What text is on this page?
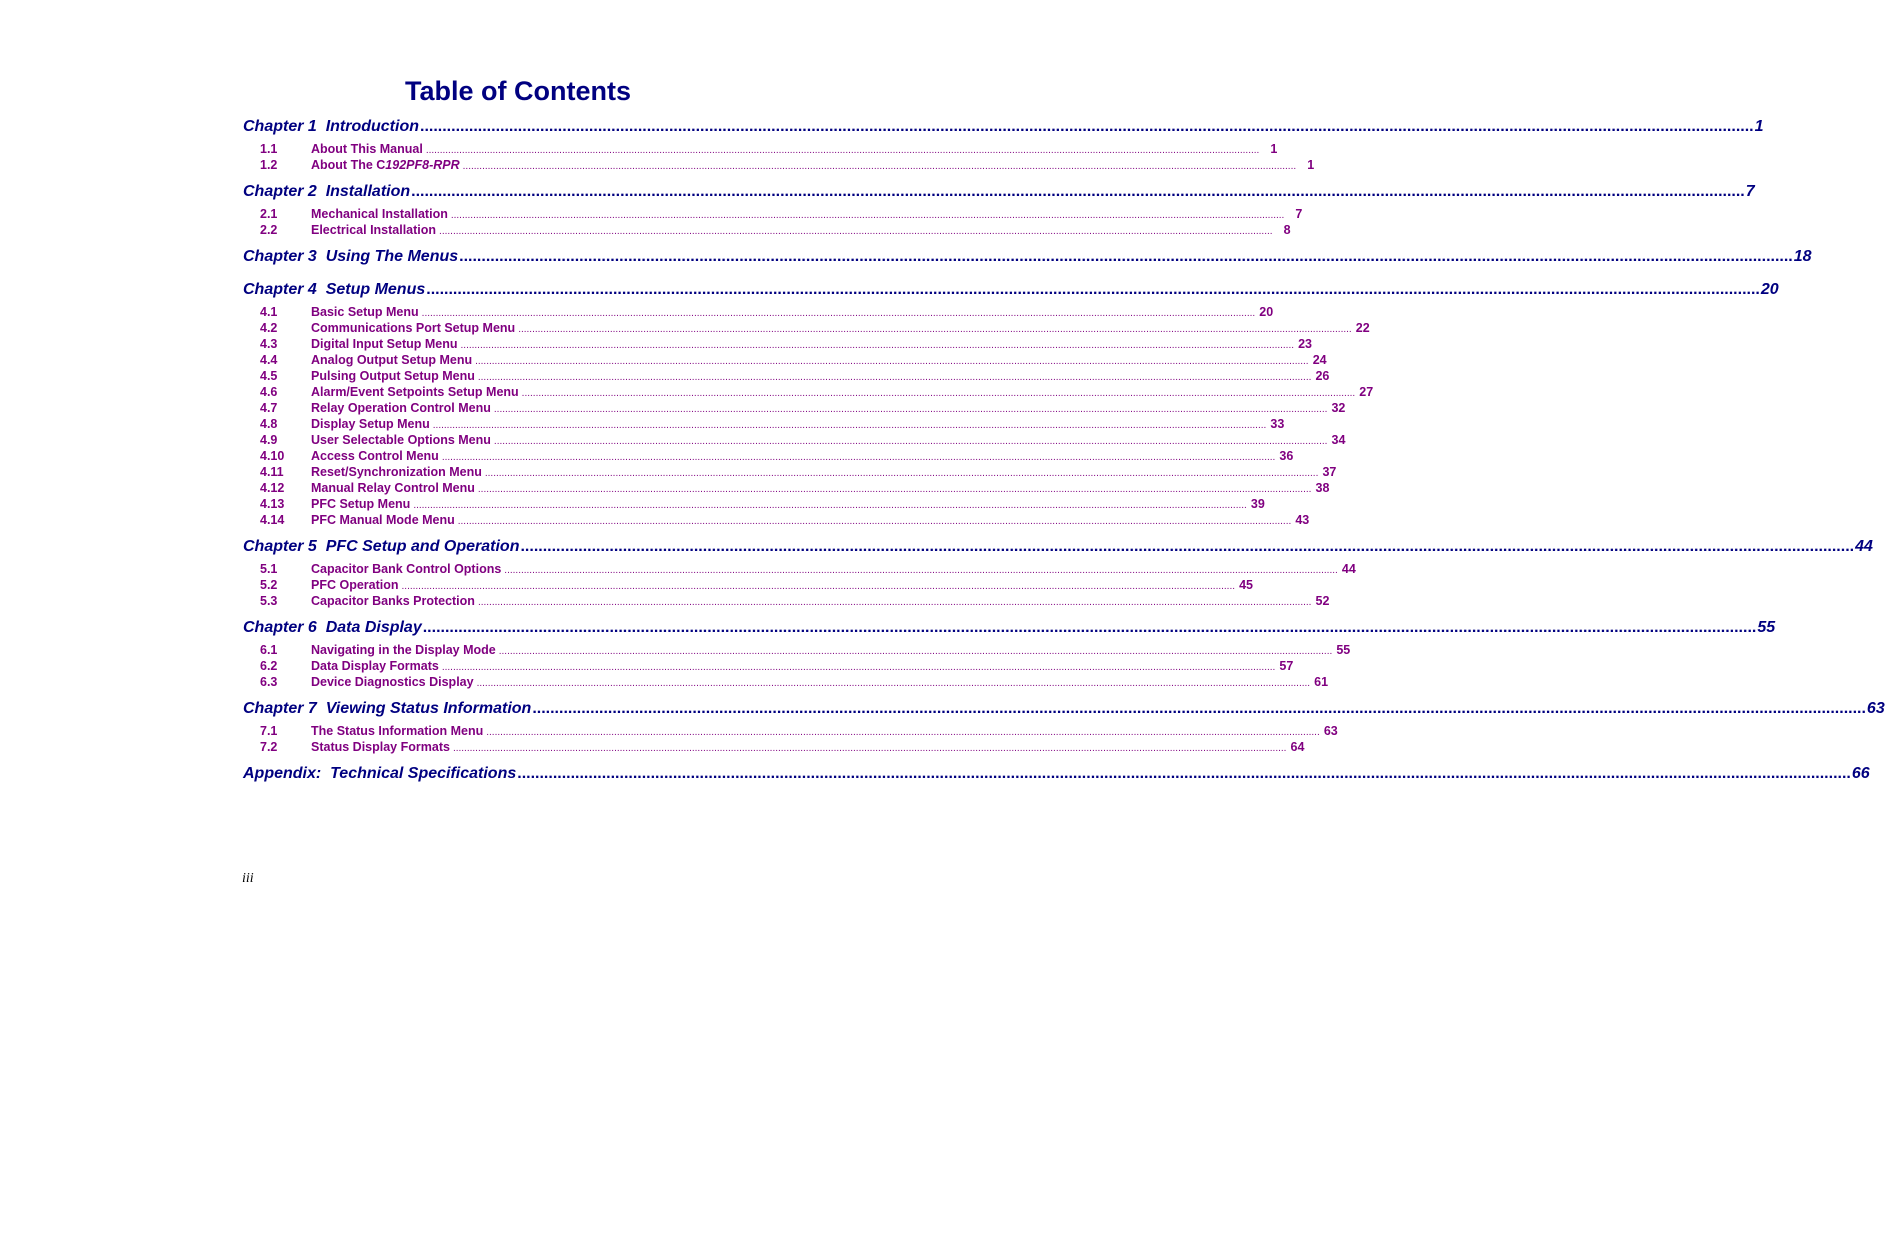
Table of Contents
Chapter 1  Introduction ............................................................................................................................................................................................................................................................................................................ 1
1.1	About This Manual ............................................................................................................................................................................................................................................................................................................ 1
1.2	About The C192PF8-RPR ............................................................................................................................................................................................................................................................................................................ 1
Chapter 2  Installation ............................................................................................................................................................................................................................................................................................................ 7
2.1	Mechanical Installation ............................................................................................................................................................................................................................................................................................................ 7
2.2	Electrical Installation ............................................................................................................................................................................................................................................................................................................ 8
Chapter 3  Using The Menus ............................................................................................................................................................................................................................................................................................................ 18
Chapter 4  Setup Menus ............................................................................................................................................................................................................................................................................................................ 20
4.1	Basic Setup Menu ............................................................................................................................................................................................................................................................................................................ 20
4.2	Communications Port Setup Menu ............................................................................................................................................................................................................................................................................................................ 22
4.3	Digital Input Setup Menu ............................................................................................................................................................................................................................................................................................................ 23
4.4	Analog Output Setup Menu ............................................................................................................................................................................................................................................................................................................ 24
4.5	Pulsing Output Setup Menu ............................................................................................................................................................................................................................................................................................................ 26
4.6	Alarm/Event Setpoints Setup Menu ............................................................................................................................................................................................................................................................................................................ 27
4.7	Relay Operation Control Menu ............................................................................................................................................................................................................................................................................................................ 32
4.8	Display Setup Menu ............................................................................................................................................................................................................................................................................................................ 33
4.9	User Selectable Options Menu ............................................................................................................................................................................................................................................................................................................ 34
4.10	Access Control Menu ............................................................................................................................................................................................................................................................................................................ 36
4.11	Reset/Synchronization Menu ............................................................................................................................................................................................................................................................................................................ 37
4.12	Manual Relay Control Menu ............................................................................................................................................................................................................................................................................................................ 38
4.13	PFC Setup Menu ............................................................................................................................................................................................................................................................................................................ 39
4.14	PFC Manual Mode Menu ............................................................................................................................................................................................................................................................................................................ 43
Chapter 5  PFC Setup and Operation ............................................................................................................................................................................................................................................................................................................ 44
5.1	Capacitor Bank Control Options ............................................................................................................................................................................................................................................................................................................ 44
5.2	PFC Operation ............................................................................................................................................................................................................................................................................................................ 45
5.3	Capacitor Banks Protection ............................................................................................................................................................................................................................................................................................................ 52
Chapter 6  Data Display ............................................................................................................................................................................................................................................................................................................ 55
6.1	Navigating in the Display Mode ............................................................................................................................................................................................................................................................................................................ 55
6.2	Data Display Formats ............................................................................................................................................................................................................................................................................................................ 57
6.3	Device Diagnostics Display ............................................................................................................................................................................................................................................................................................................ 61
Chapter 7  Viewing Status Information ............................................................................................................................................................................................................................................................................................................ 63
7.1	The Status Information Menu ............................................................................................................................................................................................................................................................................................................ 63
7.2	Status Display Formats ............................................................................................................................................................................................................................................................................................................ 64
Appendix:  Technical Specifications ............................................................................................................................................................................................................................................................................................................ 66
iii
